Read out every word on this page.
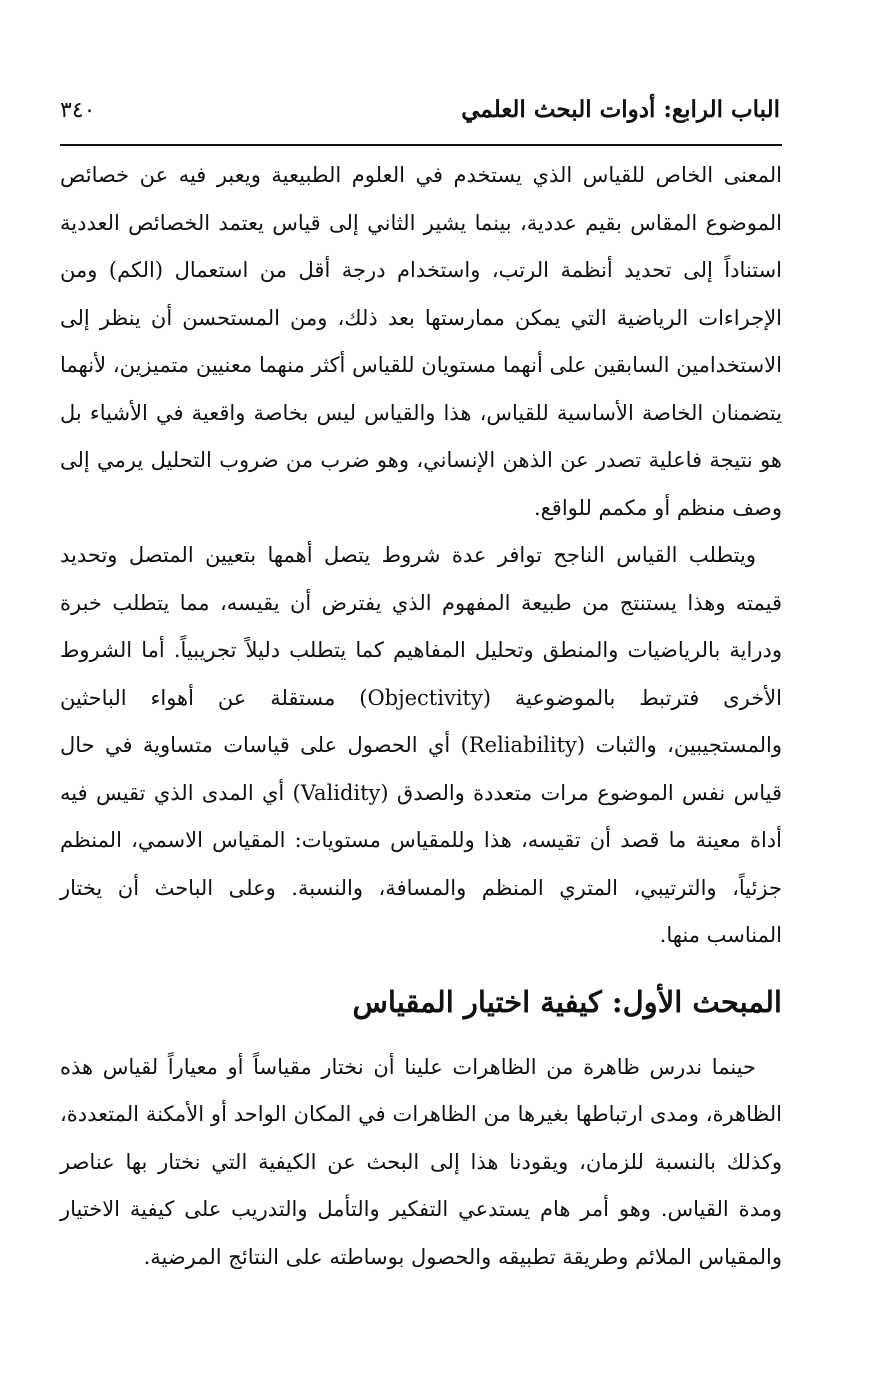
الباب الرابع: أدوات البحث العلمي
٣٤٠

المعنى الخاص للقياس الذي يستخدم في العلوم الطبيعية ويعبر فيه عن خصائص الموضوع المقاس بقيم عددية، بينما يشير الثاني إلى قياس يعتمد الخصائص العددية استناداً إلى تحديد أنظمة الرتب، واستخدام درجة أقل من استعمال (الكم) ومن الإجراءات الرياضية التي يمكن ممارستها بعد ذلك، ومن المستحسن أن ينظر إلى الاستخدامين السابقين على أنهما مستويان للقياس أكثر منهما معنيين متميزين، لأنهما يتضمنان الخاصة الأساسية للقياس، هذا والقياس ليس بخاصة واقعية في الأشياء بل هو نتيجة فاعلية تصدر عن الذهن الإنساني، وهو ضرب من ضروب التحليل يرمي إلى وصف منظم أو مكمم للواقع.

ويتطلب القياس الناجح توافر عدة شروط يتصل أهمها بتعيين المتصل وتحديد قيمته وهذا يستنتج من طبيعة المفهوم الذي يفترض أن يقيسه، مما يتطلب خبرة ودراية بالرياضيات والمنطق وتحليل المفاهيم كما يتطلب دليلاً تجريبياً. أما الشروط الأخرى فترتبط بالموضوعية (Objectivity) مستقلة عن أهواء الباحثين والمستجيبين، والثبات (Reliability) أي الحصول على قياسات متساوية في حال قياس نفس الموضوع مرات متعددة والصدق (Validity) أي المدى الذي تقيس فيه أداة معينة ما قصد أن تقيسه، هذا وللمقياس مستويات: المقياس الاسمي، المنظم جزئياً، والترتيبي، المتري المنظم والمسافة، والنسبة. وعلى الباحث أن يختار المناسب منها.

المبحث الأول: كيفية اختيار المقياس

حينما ندرس ظاهرة من الظاهرات علينا أن نختار مقياساً أو معياراً لقياس هذه الظاهرة، ومدى ارتباطها بغيرها من الظاهرات في المكان الواحد أو الأمكنة المتعددة، وكذلك بالنسبة للزمان، ويقودنا هذا إلى البحث عن الكيفية التي نختار بها عناصر ومدة القياس. وهو أمر هام يستدعي التفكير والتأمل والتدريب على كيفية الاختيار والمقياس الملائم وطريقة تطبيقه والحصول بوساطته على النتائج المرضية.
